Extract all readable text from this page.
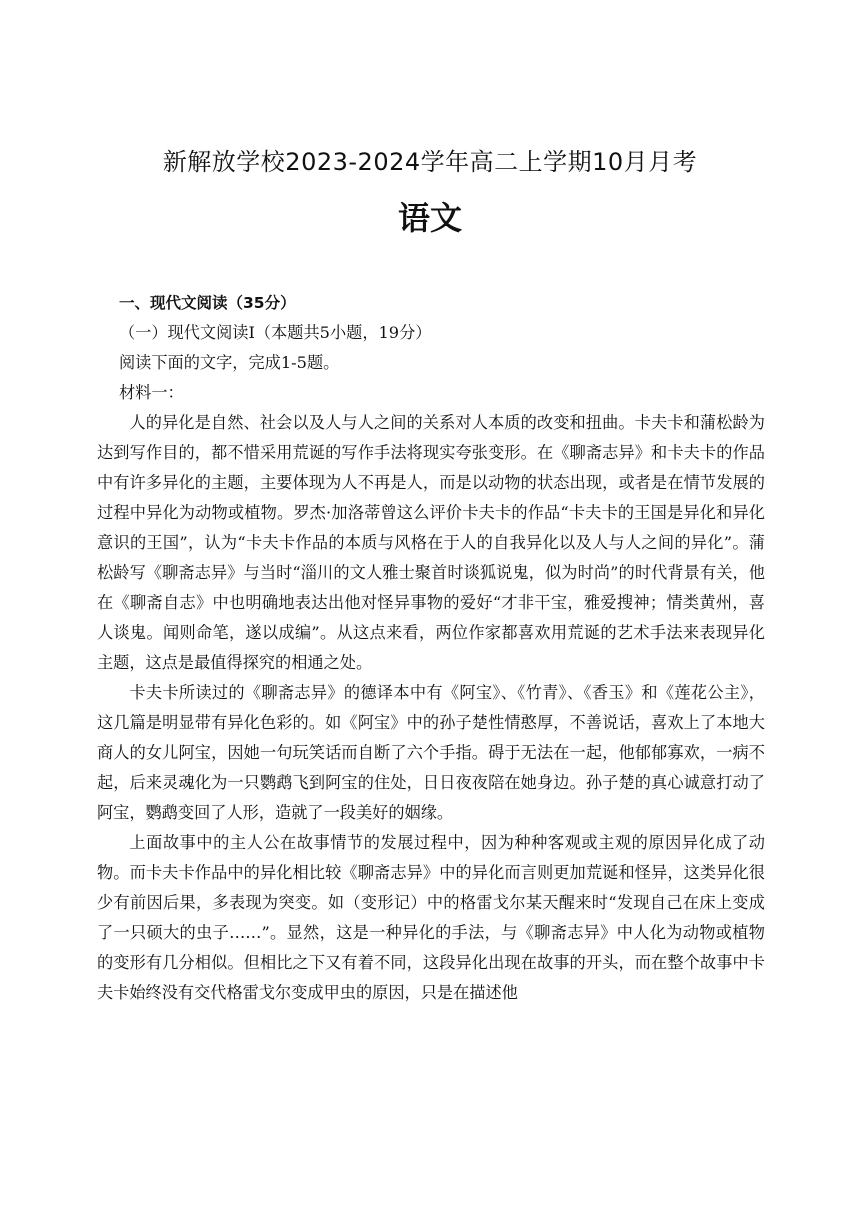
新解放学校2023-2024学年高二上学期10月月考
语文

一、现代文阅读（35分）

（一）现代文阅读Ⅰ（本题共5小题，19分）

阅读下面的文字，完成1-5题。

材料一：

人的异化是自然、社会以及人与人之间的关系对人本质的改变和扭曲。卡夫卡和蒲松龄为达到写作目的，都不惜采用荒诞的写作手法将现实夸张变形。在《聊斋志异》和卡夫卡的作品中有许多异化的主题，主要体现为人不再是人，而是以动物的状态出现，或者是在情节发展的过程中异化为动物或植物。罗杰·加洛蒂曾这么评价卡夫卡的作品“卡夫卡的王国是异化和异化意识的王国”，认为“卡夫卡作品的本质与风格在于人的自我异化以及人与人之间的异化”。蒲松龄写《聊斋志异》与当时“淄川的文人雅士聚首时谈狐说鬼，似为时尚”的时代背景有关，他在《聊斋自志》中也明确地表达出他对怪异事物的爱好“才非干宝，雅爱搜神；情类黄州，喜人谈鬼。闻则命笔，遂以成编”。从这点来看，两位作家都喜欢用荒诞的艺术手法来表现异化主题，这点是最值得探究的相通之处。

卡夫卡所读过的《聊斋志异》的德译本中有《阿宝》、《竹青》、《香玉》和《莲花公主》，这几篇是明显带有异化色彩的。如《阿宝》中的孙子楚性情憨厚，不善说话，喜欢上了本地大商人的女儿阿宝，因她一句玩笑话而自断了六个手指。碍于无法在一起，他郁郁寡欢，一病不起，后来灵魂化为一只鹦鹉飞到阿宝的住处，日日夜夜陪在她身边。孙子楚的真心诚意打动了阿宝，鹦鹉变回了人形，造就了一段美好的姻缘。

上面故事中的主人公在故事情节的发展过程中，因为种种客观或主观的原因异化成了动物。而卡夫卡作品中的异化相比较《聊斋志异》中的异化而言则更加荒诞和怪异，这类异化很少有前因后果，多表现为突变。如（变形记）中的格雷戈尔某天醒来时“发现自己在床上变成了一只硕大的虫子……”。显然，这是一种异化的手法，与《聊斋志异》中人化为动物或植物的变形有几分相似。但相比之下又有着不同，这段异化出现在故事的开头，而在整个故事中卡夫卡始终没有交代格雷戈尔变成甲虫的原因，只是在描述他
